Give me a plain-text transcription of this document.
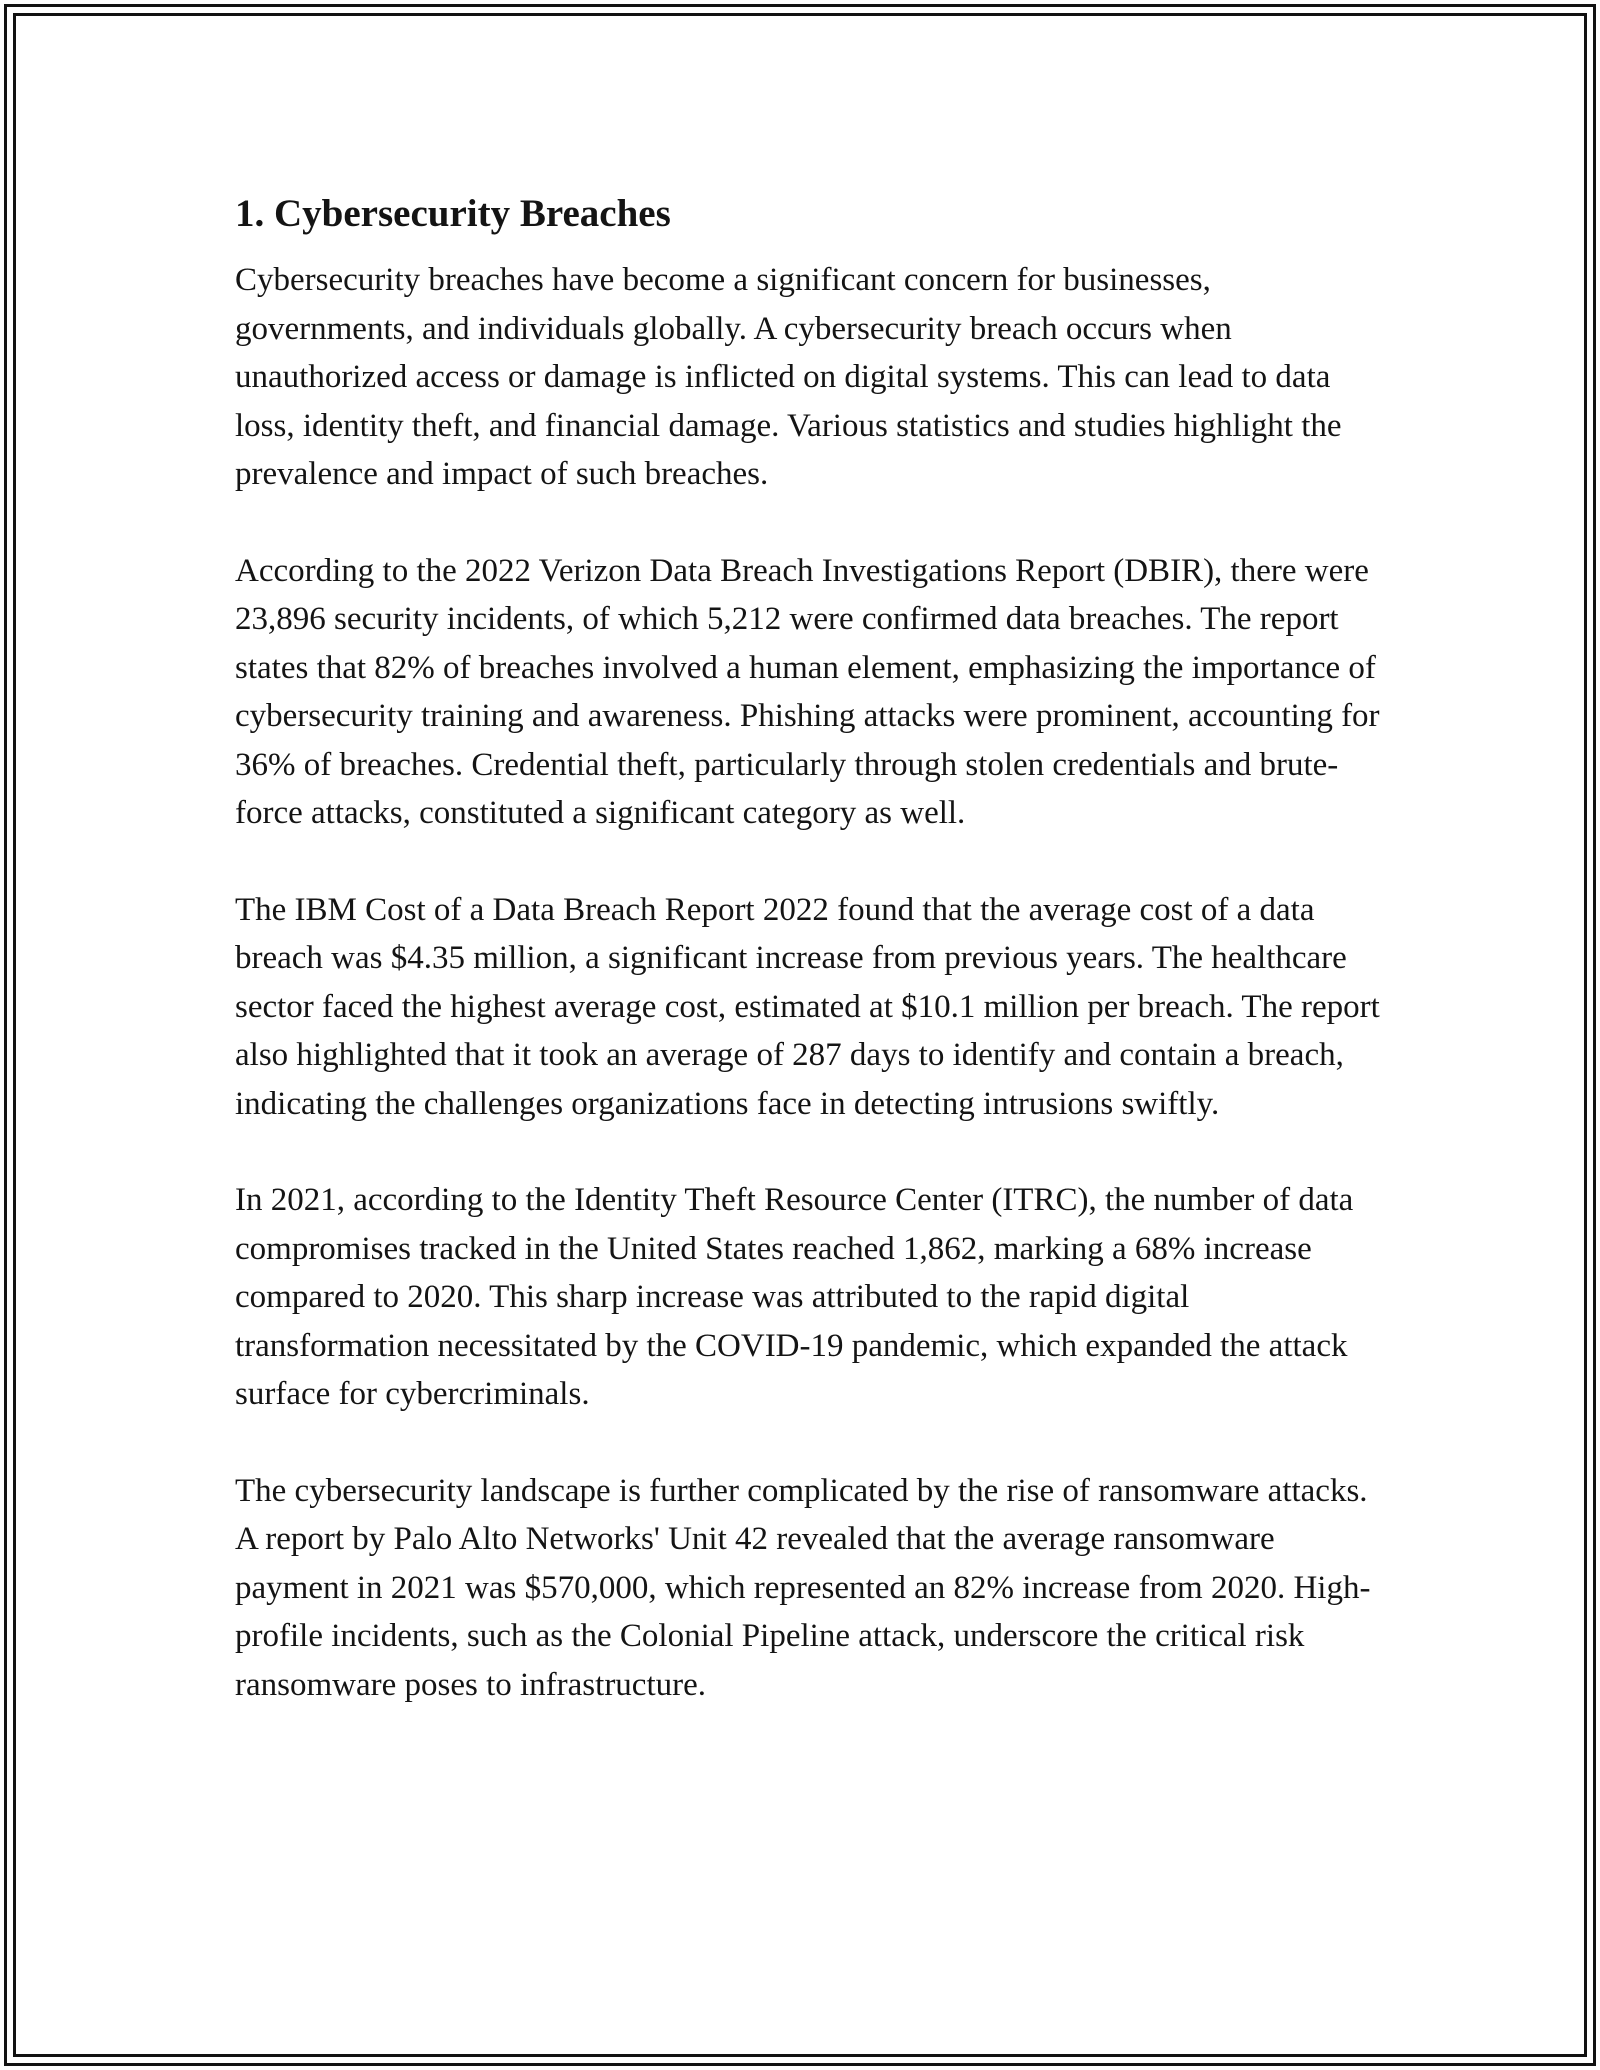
1. Cybersecurity Breaches

Cybersecurity breaches have become a significant concern for businesses, governments, and individuals globally. A cybersecurity breach occurs when unauthorized access or damage is inflicted on digital systems. This can lead to data loss, identity theft, and financial damage. Various statistics and studies highlight the prevalence and impact of such breaches.

According to the 2022 Verizon Data Breach Investigations Report (DBIR), there were 23,896 security incidents, of which 5,212 were confirmed data breaches. The report states that 82% of breaches involved a human element, emphasizing the importance of cybersecurity training and awareness. Phishing attacks were prominent, accounting for 36% of breaches. Credential theft, particularly through stolen credentials and brute-force attacks, constituted a significant category as well.

The IBM Cost of a Data Breach Report 2022 found that the average cost of a data breach was $4.35 million, a significant increase from previous years. The healthcare sector faced the highest average cost, estimated at $10.1 million per breach. The report also highlighted that it took an average of 287 days to identify and contain a breach, indicating the challenges organizations face in detecting intrusions swiftly.

In 2021, according to the Identity Theft Resource Center (ITRC), the number of data compromises tracked in the United States reached 1,862, marking a 68% increase compared to 2020. This sharp increase was attributed to the rapid digital transformation necessitated by the COVID-19 pandemic, which expanded the attack surface for cybercriminals.

The cybersecurity landscape is further complicated by the rise of ransomware attacks. A report by Palo Alto Networks' Unit 42 revealed that the average ransomware payment in 2021 was $570,000, which represented an 82% increase from 2020. High-profile incidents, such as the Colonial Pipeline attack, underscore the critical risk ransomware poses to infrastructure.
